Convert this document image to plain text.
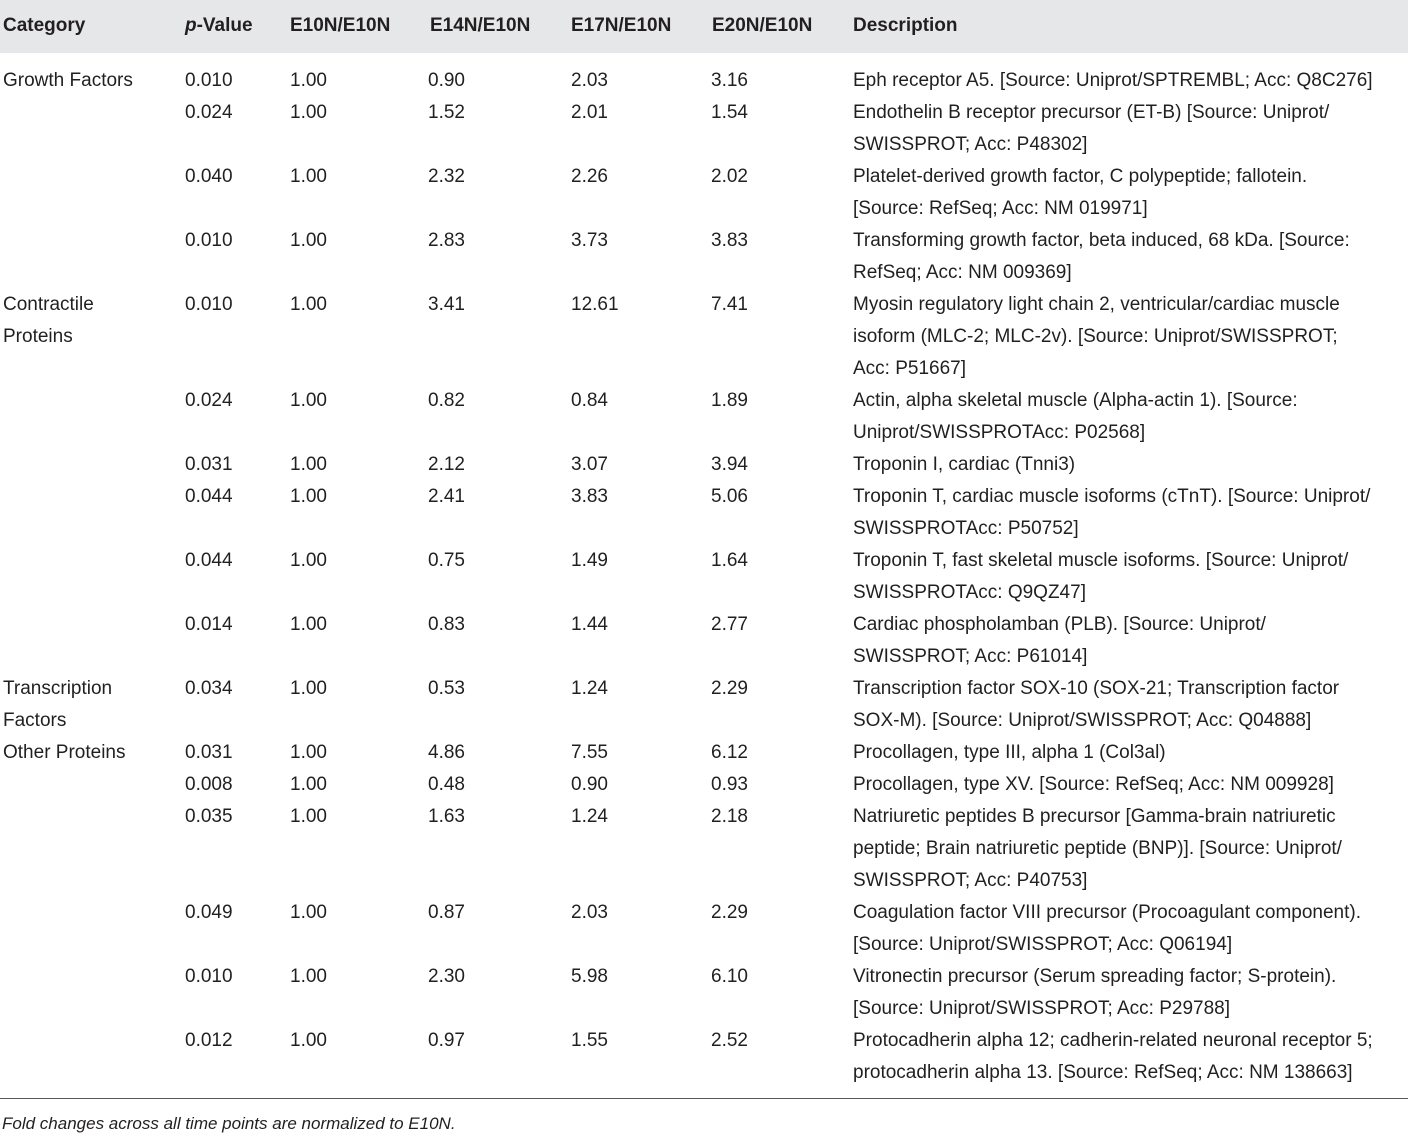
Category	p-Value E10N/E10N E14N/E10N E17N/E10N E20N/E10N Description
Growth Factors	0.010	1.00	0.90	2.03	3.16	Eph receptor A5. [Source: Uniprot/SPTREMBL; Acc: Q8C276]
0.024	1.00	1.52	2.01	1.54	Endothelin B receptor precursor (ET-B) [Source: Uniprot/
SWISSPROT; Acc: P48302]
0.040	1.00	2.32	2.26	2.02	Platelet-derived growth factor, C polypeptide; fallotein.
[Source: RefSeq; Acc: NM 019971]
0.010	1.00	2.83	3.73	3.83	Transforming growth factor, beta induced, 68 kDa. [Source:
RefSeq; Acc: NM 009369]
Contractile
Proteins
0.010	1.00	3.41	12.61	7.41	Myosin regulatory light chain 2, ventricular/cardiac muscle
isoform (MLC-2; MLC-2v). [Source: Uniprot/SWISSPROT;
Acc: P51667]
0.024	1.00	0.82	0.84	1.89	Actin, alpha skeletal muscle (Alpha-actin 1). [Source:
Uniprot/SWISSPROTAcc: P02568]
0.031	1.00	2.12	3.07	3.94	Troponin I, cardiac (Tnni3)
0.044	1.00	2.41	3.83	5.06	Troponin T, cardiac muscle isoforms (cTnT). [Source: Uniprot/
SWISSPROTAcc: P50752]
0.044	1.00	0.75	1.49	1.64	Troponin T, fast skeletal muscle isoforms. [Source: Uniprot/
SWISSPROTAcc: Q9QZ47]
0.014	1.00	0.83	1.44	2.77	Cardiac phospholamban (PLB). [Source: Uniprot/
SWISSPROT; Acc: P61014]
Transcription
Factors
0.034	1.00	0.53	1.24	2.29	Transcription factor SOX-10 (SOX-21; Transcription factor
SOX-M). [Source: Uniprot/SWISSPROT; Acc: Q04888]
Other Proteins	0.031	1.00	4.86	7.55	6.12	Procollagen, type III, alpha 1 (Col3al)
0.008	1.00	0.48	0.90	0.93	Procollagen, type XV. [Source: RefSeq; Acc: NM 009928]
0.035	1.00	1.63	1.24	2.18	Natriuretic peptides B precursor [Gamma-brain natriuretic
peptide; Brain natriuretic peptide (BNP)]. [Source: Uniprot/
SWISSPROT; Acc: P40753]
0.049	1.00	0.87	2.03	2.29	Coagulation factor VIII precursor (Procoagulant component).
[Source: Uniprot/SWISSPROT; Acc: Q06194]
0.010	1.00	2.30	5.98	6.10	Vitronectin precursor (Serum spreading factor; S-protein).
[Source: Uniprot/SWISSPROT; Acc: P29788]
0.012	1.00	0.97	1.55	2.52	Protocadherin alpha 12; cadherin-related neuronal receptor 5;
protocadherin alpha 13. [Source: RefSeq; Acc: NM 138663]
Fold changes across all time points are normalized to E10N.
